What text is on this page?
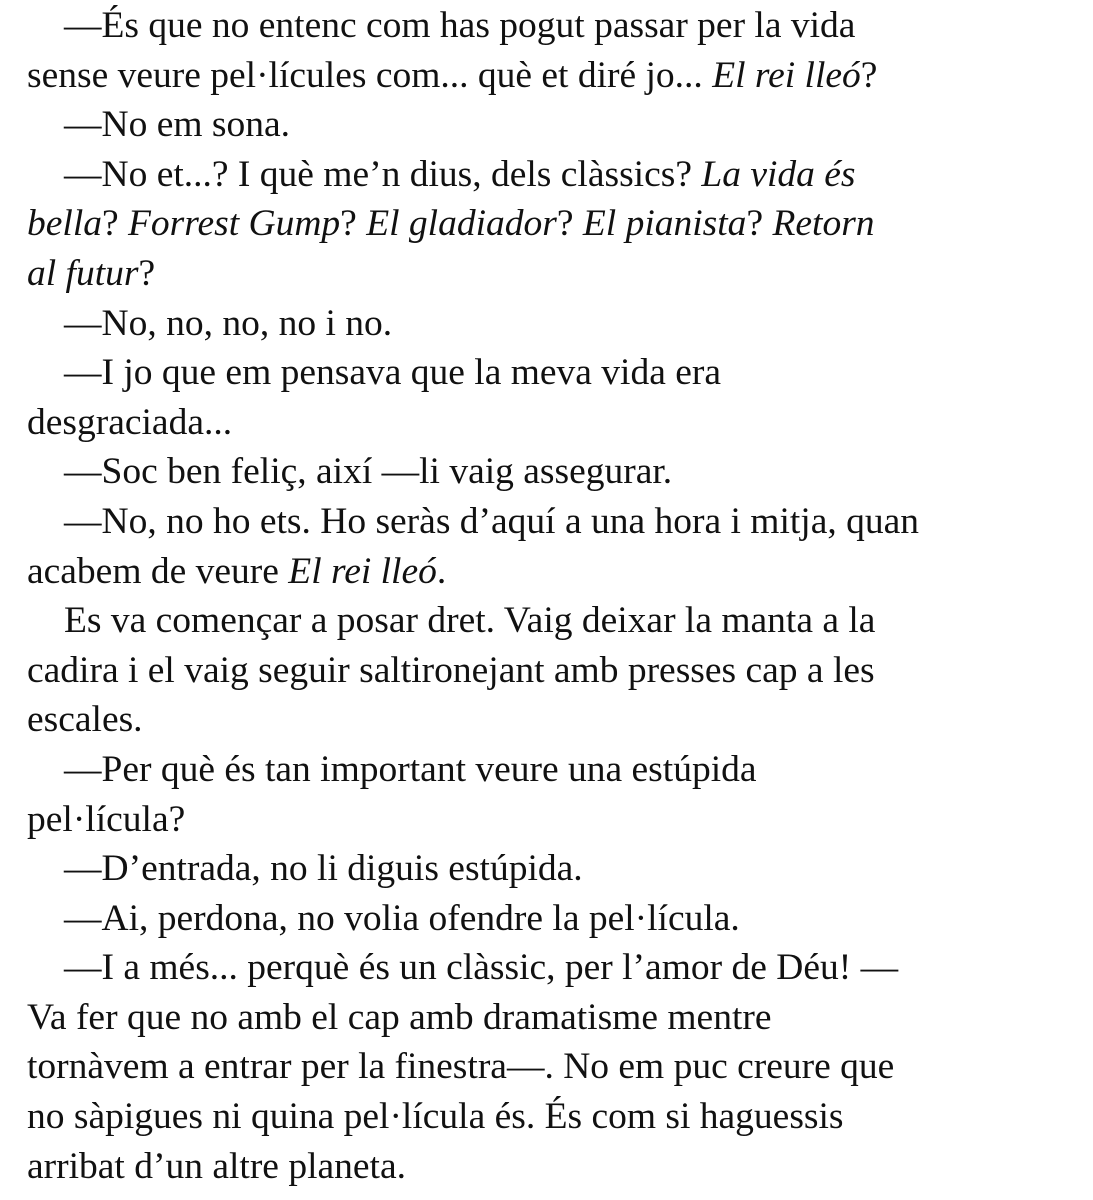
—És que no entenc com has pogut passar per la vida
sense veure pel·lícules com... què et diré jo... El rei lleó?
—No em sona.
—No et...? I què me’n dius, dels clàssics? La vida és
bella? Forrest Gump? El gladiador? El pianista? Retorn
al futur?
—No, no, no, no i no.
—I jo que em pensava que la meva vida era
desgraciada...
—Soc ben feliç, així —li vaig assegurar.
—No, no ho ets. Ho seràs d’aquí a una hora i mitja, quan
acabem de veure El rei lleó.
Es va començar a posar dret. Vaig deixar la manta a la
cadira i el vaig seguir saltironejant amb presses cap a les
escales.
—Per què és tan important veure una estúpida
pel·lícula?
—D’entrada, no li diguis estúpida.
—Ai, perdona, no volia ofendre la pel·lícula.
—I a més... perquè és un clàssic, per l’amor de Déu! —
Va fer que no amb el cap amb dramatisme mentre
tornàvem a entrar per la finestra—. No em puc creure que
no sàpigues ni quina pel·lícula és. És com si haguessis
arribat d’un altre planeta.
